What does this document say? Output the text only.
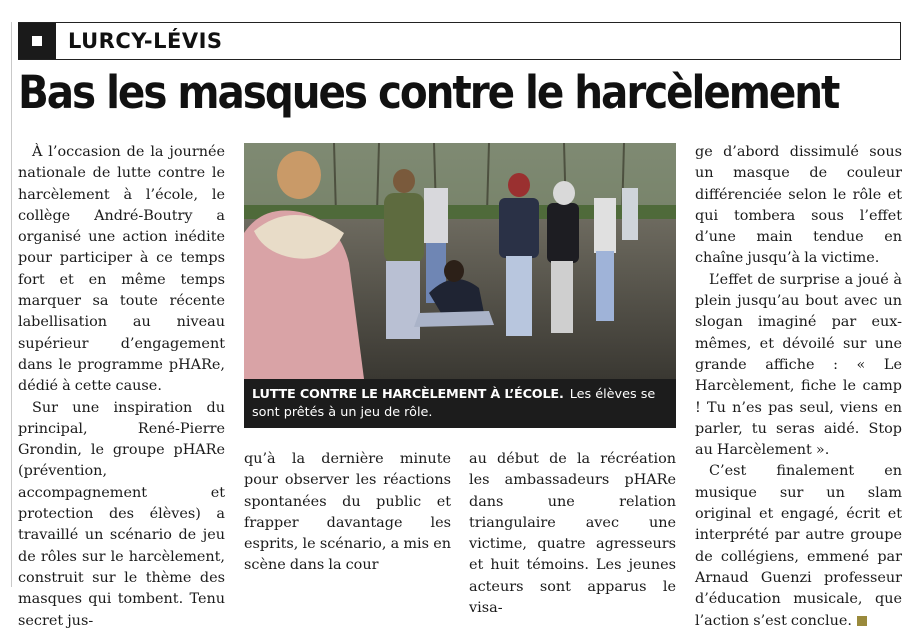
LURCY-LÉVIS
Bas les masques contre le harcèlement

À l’occasion de la journée nationale de lutte contre le harcèlement à l’école, le collège André-Boutry a organisé une action inédite pour participer à ce temps fort et en même temps marquer sa toute récente labellisation au niveau supérieur d’engagement dans le programme pHARe, dédié à cette cause.

Sur une inspiration du principal, René-Pierre Grondin, le groupe pHARe (prévention, accompagnement et protection des élèves) a travaillé un scénario de jeu de rôles sur le harcèlement, construit sur le thème des masques qui tombent. Tenu secret jus-

LUTTE CONTRE LE HARCÈLEMENT À L’ÉCOLE. Les élèves se sont prêtés à un jeu de rôle.

qu’à la dernière minute pour observer les réactions spontanées du public et frapper davantage les esprits, le scénario, a mis en scène dans la cour

au début de la récréation les ambassadeurs pHARe dans une relation triangulaire avec une victime, quatre agresseurs et huit témoins. Les jeunes acteurs sont apparus le visa-

ge d’abord dissimulé sous un masque de couleur différenciée selon le rôle et qui tombera sous l’effet d’une main tendue en chaîne jusqu’à la victime.

L’effet de surprise a joué à plein jusqu’au bout avec un slogan imaginé par eux-mêmes, et dévoilé sur une grande affiche : « Le Harcèlement, fiche le camp ! Tu n’es pas seul, viens en parler, tu seras aidé. Stop au Harcèlement ».

C’est finalement en musique sur un slam original et engagé, écrit et interprété par autre groupe de collégiens, emmené par Arnaud Guenzi professeur d’éducation musicale, que l’action s’est conclue.
